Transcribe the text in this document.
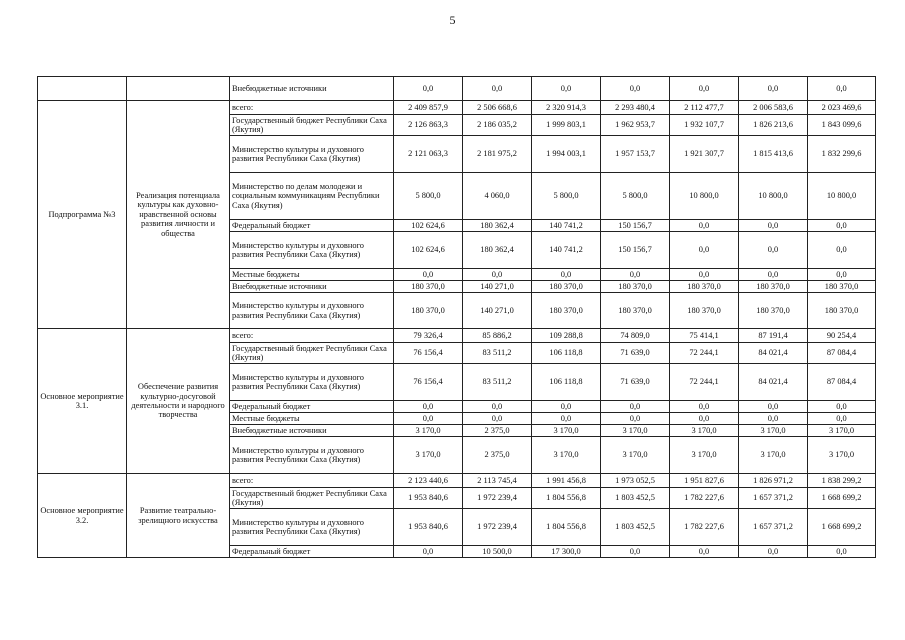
5
		Внебюджетные источники	0,0	0,0	0,0	0,0	0,0	0,0	0,0
Подпрограмма №3	Реализация потенциала культуры как духовно-нравственной основы развития личности и общества	всего:	2 409 857,9	2 506 668,6	2 320 914,3	2 293 480,4	2 112 477,7	2 006 583,6	2 023 469,6
		Государственный бюджет Республики Саха (Якутия)	2 126 863,3	2 186 035,2	1 999 803,1	1 962 953,7	1 932 107,7	1 826 213,6	1 843 099,6
		Министерство культуры и духовного развития Республики Саха (Якутия)	2 121 063,3	2 181 975,2	1 994 003,1	1 957 153,7	1 921 307,7	1 815 413,6	1 832 299,6
		Министерство по делам молодежи и социальным коммуникациям Республики Саха (Якутия)	5 800,0	4 060,0	5 800,0	5 800,0	10 800,0	10 800,0	10 800,0
		Федеральный бюджет	102 624,6	180 362,4	140 741,2	150 156,7	0,0	0,0	0,0
		Министерство культуры и духовного развития Республики Саха (Якутия)	102 624,6	180 362,4	140 741,2	150 156,7	0,0	0,0	0,0
		Местные бюджеты	0,0	0,0	0,0	0,0	0,0	0,0	0,0
		Внебюджетные источники	180 370,0	140 271,0	180 370,0	180 370,0	180 370,0	180 370,0	180 370,0
		Министерство культуры и духовного развития Республики Саха (Якутия)	180 370,0	140 271,0	180 370,0	180 370,0	180 370,0	180 370,0	180 370,0
Основное мероприятие 3.1.	Обеспечение развития культурно-досуговой деятельности и народного творчества	всего:	79 326,4	85 886,2	109 288,8	74 809,0	75 414,1	87 191,4	90 254,4
		Государственный бюджет Республики Саха (Якутия)	76 156,4	83 511,2	106 118,8	71 639,0	72 244,1	84 021,4	87 084,4
		Министерство культуры и духовного развития Республики Саха (Якутия)	76 156,4	83 511,2	106 118,8	71 639,0	72 244,1	84 021,4	87 084,4
		Федеральный бюджет	0,0	0,0	0,0	0,0	0,0	0,0	0,0
		Местные бюджеты	0,0	0,0	0,0	0,0	0,0	0,0	0,0
		Внебюджетные источники	3 170,0	2 375,0	3 170,0	3 170,0	3 170,0	3 170,0	3 170,0
		Министерство культуры и духовного развития Республики Саха (Якутия)	3 170,0	2 375,0	3 170,0	3 170,0	3 170,0	3 170,0	3 170,0
Основное мероприятие 3.2.	Развитие театрально-зрелищного искусства	всего:	2 123 440,6	2 113 745,4	1 991 456,8	1 973 052,5	1 951 827,6	1 826 971,2	1 838 299,2
		Государственный бюджет Республики Саха (Якутия)	1 953 840,6	1 972 239,4	1 804 556,8	1 803 452,5	1 782 227,6	1 657 371,2	1 668 699,2
		Министерство культуры и духовного развития Республики Саха (Якутия)	1 953 840,6	1 972 239,4	1 804 556,8	1 803 452,5	1 782 227,6	1 657 371,2	1 668 699,2
		Федеральный бюджет	0,0	10 500,0	17 300,0	0,0	0,0	0,0	0,0
